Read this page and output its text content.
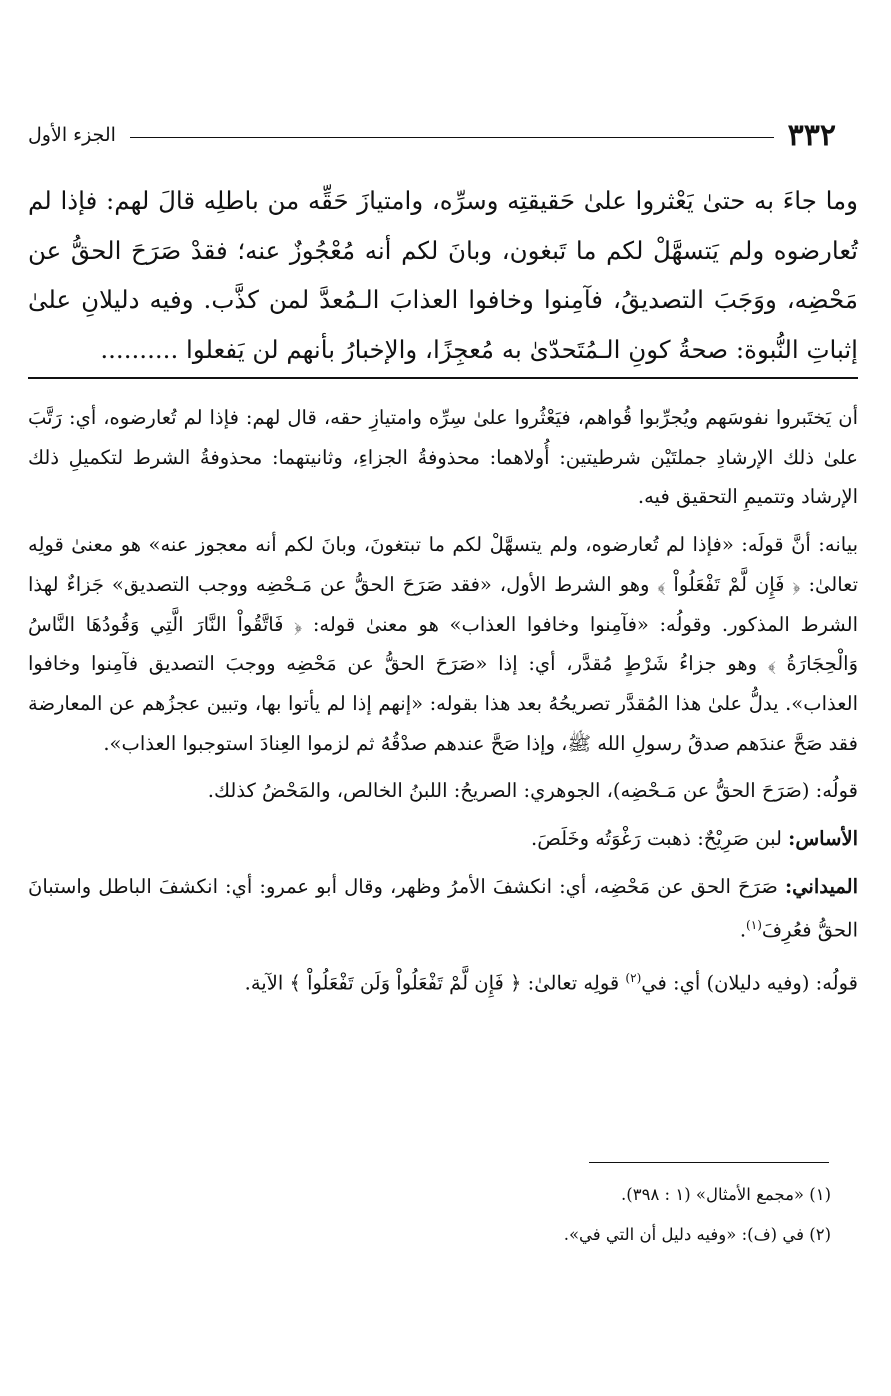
٣٣٢
الجزء الأول

وما جاءَ به حتىٰ يَعْثروا علىٰ حَقيقتِه وسرِّه، وامتيازَ حَقِّه من باطلِه قالَ لهم: فإذا لم تُعارضوه ولم يَتسهَّلْ لكم ما تَبغون، وبانَ لكم أنه مُعْجُوزٌ عنه؛ فقدْ صَرَحَ الحقُّ عن مَحْضِه، ووَجَبَ التصديقُ، فآمِنوا وخافوا العذابَ الـمُعدَّ لمن كذَّب. وفيه دليلانِ علىٰ إثباتِ النُّبوة: صحةُ كونِ الـمُتَحدّىٰ به مُعجِزًا، والإخبارُ بأنهم لن يَفعلوا ..........

أن يَختَبروا نفوسَهم ويُجرِّبوا قُواهم، فيَعْثُروا علىٰ سِرِّه وامتيازِ حقه، قال لهم: فإذا لم تُعارضوه، أي: رَتَّبَ علىٰ ذلك الإرشادِ جملتَيْن شرطيتين: أُولاهما: محذوفةُ الجزاءِ، وثانيتهما: محذوفةُ الشرط لتكميلِ ذلك الإرشاد وتتميمِ التحقيق فيه.

بيانه: أنَّ قولَه: «فإذا لم تُعارضوه، ولم يتسهَّلْ لكم ما تبتغونَ، وبانَ لكم أنه معجوز عنه» هو معنىٰ قولِه تعالىٰ: ﴿ فَإِن لَّمْ تَفْعَلُواْ ﴾ وهو الشرط الأول، «فقد صَرَحَ الحقُّ عن مَـحْضِه ووجب التصديق» جَزاءٌ لهذا الشرط المذكور. وقولُه: «فآمِنوا وخافوا العذاب» هو معنىٰ قوله: ﴿ فَاتَّقُواْ النَّارَ الَّتِي وَقُودُهَا النَّاسُ وَالْحِجَارَةُ ﴾ وهو جزاءُ شَرْطٍ مُقدَّر، أي: إذا «صَرَحَ الحقُّ عن مَحْضِه ووجبَ التصديق فآمِنوا وخافوا العذاب». يدلُّ علىٰ هذا المُقدَّر تصريحُهُ بعد هذا بقوله: «إنهم إذا لم يأتوا بها، وتبين عجزُهم عن المعارضة فقد صَحَّ عندَهم صدقُ رسولِ الله ﷺ، وإذا صَحَّ عندهم صدْقُهُ ثم لزموا العِنادَ استوجبوا العذاب».

قولُه: (صَرَحَ الحقُّ عن مَـحْضِه)، الجوهري: الصريحُ: اللبنُ الخالص، والمَحْضُ كذلك.

الأساس: لبن صَرِيْحٌ: ذهبت رَغْوَتُه وخَلَصَ.

الميداني: صَرَحَ الحق عن مَحْضِه، أي: انكشفَ الأمرُ وظهر، وقال أبو عمرو: أي: انكشفَ الباطل واستبانَ الحقُّ فعُرِفَ$^{(١)}$.

قولُه: (وفيه دليلان) أي: في$^{(٢)}$ قولِه تعالىٰ: ﴿ فَإِن لَّمْ تَفْعَلُواْ وَلَن تَفْعَلُواْ ﴾ الآية.

(١) «مجمع الأمثال» (١ : ٣٩٨).

(٢) في (ف): «وفيه دليل أن التي في».
